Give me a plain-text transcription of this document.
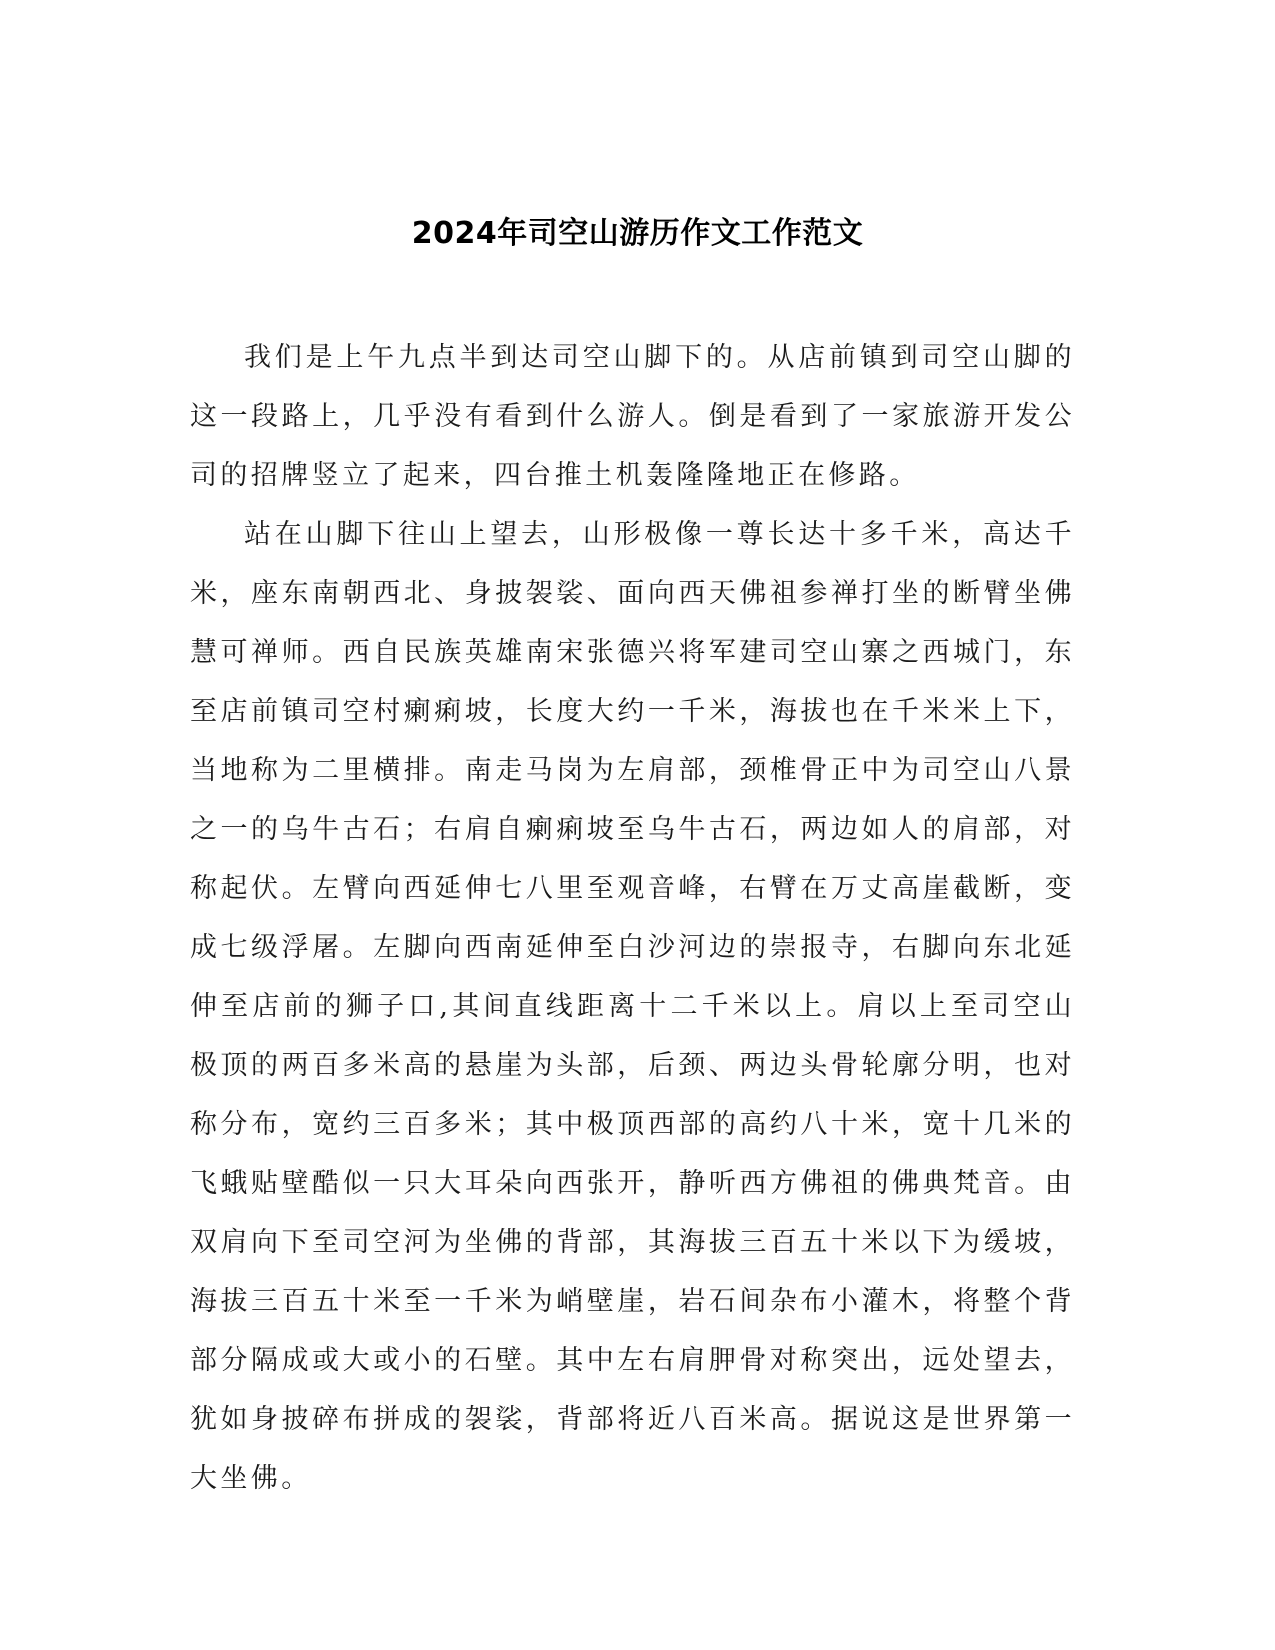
2024年司空山游历作文工作范文

我们是上午九点半到达司空山脚下的。从店前镇到司空山脚的这一段路上，几乎没有看到什么游人。倒是看到了一家旅游开发公司的招牌竖立了起来，四台推土机轰隆隆地正在修路。

站在山脚下往山上望去，山形极像一尊长达十多千米，高达千米，座东南朝西北、身披袈裟、面向西天佛祖参禅打坐的断臂坐佛慧可禅师。西自民族英雄南宋张德兴将军建司空山寨之西城门，东至店前镇司空村瘌痢坡，长度大约一千米，海拔也在千米米上下，当地称为二里横排。南走马岗为左肩部，颈椎骨正中为司空山八景之一的乌牛古石；右肩自瘌痢坡至乌牛古石，两边如人的肩部，对称起伏。左臂向西延伸七八里至观音峰，右臂在万丈高崖截断，变成七级浮屠。左脚向西南延伸至白沙河边的崇报寺，右脚向东北延伸至店前的狮子口,其间直线距离十二千米以上。肩以上至司空山极顶的两百多米高的悬崖为头部，后颈、两边头骨轮廓分明，也对称分布，宽约三百多米；其中极顶西部的高约八十米，宽十几米的飞蛾贴壁酷似一只大耳朵向西张开，静听西方佛祖的佛典梵音。由双肩向下至司空河为坐佛的背部，其海拔三百五十米以下为缓坡，海拔三百五十米至一千米为峭壁崖，岩石间杂布小灌木，将整个背部分隔成或大或小的石壁。其中左右肩胛骨对称突出，远处望去，犹如身披碎布拼成的袈裟，背部将近八百米高。据说这是世界第一大坐佛。
